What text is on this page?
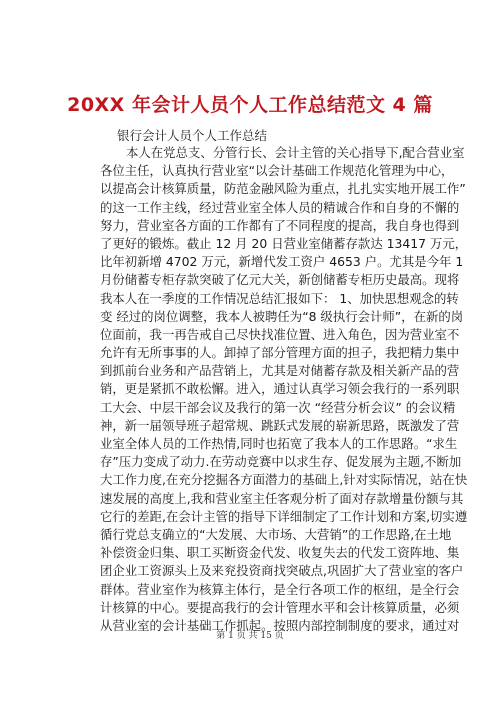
20XX 年会计人员个人工作总结范文 4 篇
银行会计人员个人工作总结
本人在党总支、分管行长、会计主管的关心指导下,配合营业室
各位主任，认真执行营业室“以会计基础工作规范化管理为中心，
以提高会计核算质量，防范金融风险为重点，扎扎实实地开展工作”
的这一工作主线，经过营业室全体人员的精诚合作和自身的不懈的
努力，营业室各方面的工作都有了不同程度的提高，我自身也得到
了更好的锻炼。截止 12 月 20 日营业室储蓄存款达 13417 万元，
比年初新增 4702 万元，新增代发工资户 4653 户。尤其是今年 1
月份储蓄专柜存款突破了亿元大关，新创储蓄专柜历史最高。现将
我本人在一季度的工作情况总结汇报如下： 1、加快思想观念的转
变 经过的岗位调整，我本人被聘任为“8 级执行会计师”，在新的岗
位面前，我一再告戒自己尽快找准位置、进入角色，因为营业室不
允许有无所事事的人。卸掉了部分管理方面的担子，我把精力集中
到抓前台业务和产品营销上，尤其是对储蓄存款及相关新产品的营
销，更是紧抓不敢松懈。进入，通过认真学习领会我行的一系列职
工大会、中层干部会议及我行的第一次 “经营分析会议” 的会议精
神，新一届领导班子超常规、跳跃式发展的崭新思路，既激发了营
业室全体人员的工作热情,同时也拓宽了我本人的工作思路。“求生
存”压力变成了动力.在劳动竞赛中以求生存、促发展为主题,不断加
大工作力度,在充分挖掘各方面潜力的基础上,针对实际情况，站在快
速发展的高度上,我和营业室主任客观分析了面对存款增量份额与其
它行的差距,在会计主管的指导下详细制定了工作计划和方案,切实遵
循行党总支确立的“大发展、大市场、大营销”的工作思路,在土地
补偿资金归集、职工买断资金代发、收复失去的代发工资阵地、集
团企业工资源头上及来兖投资商找突破点,巩固扩大了营业室的客户
群体。营业室作为核算主体行，是全行各项工作的枢纽，是全行会
计核算的中心。要提高我行的会计管理水平和会计核算质量，必须
从营业室的会计基础工作抓起。按照内部控制制度的要求，通过对
第 1 页 共 15 页
